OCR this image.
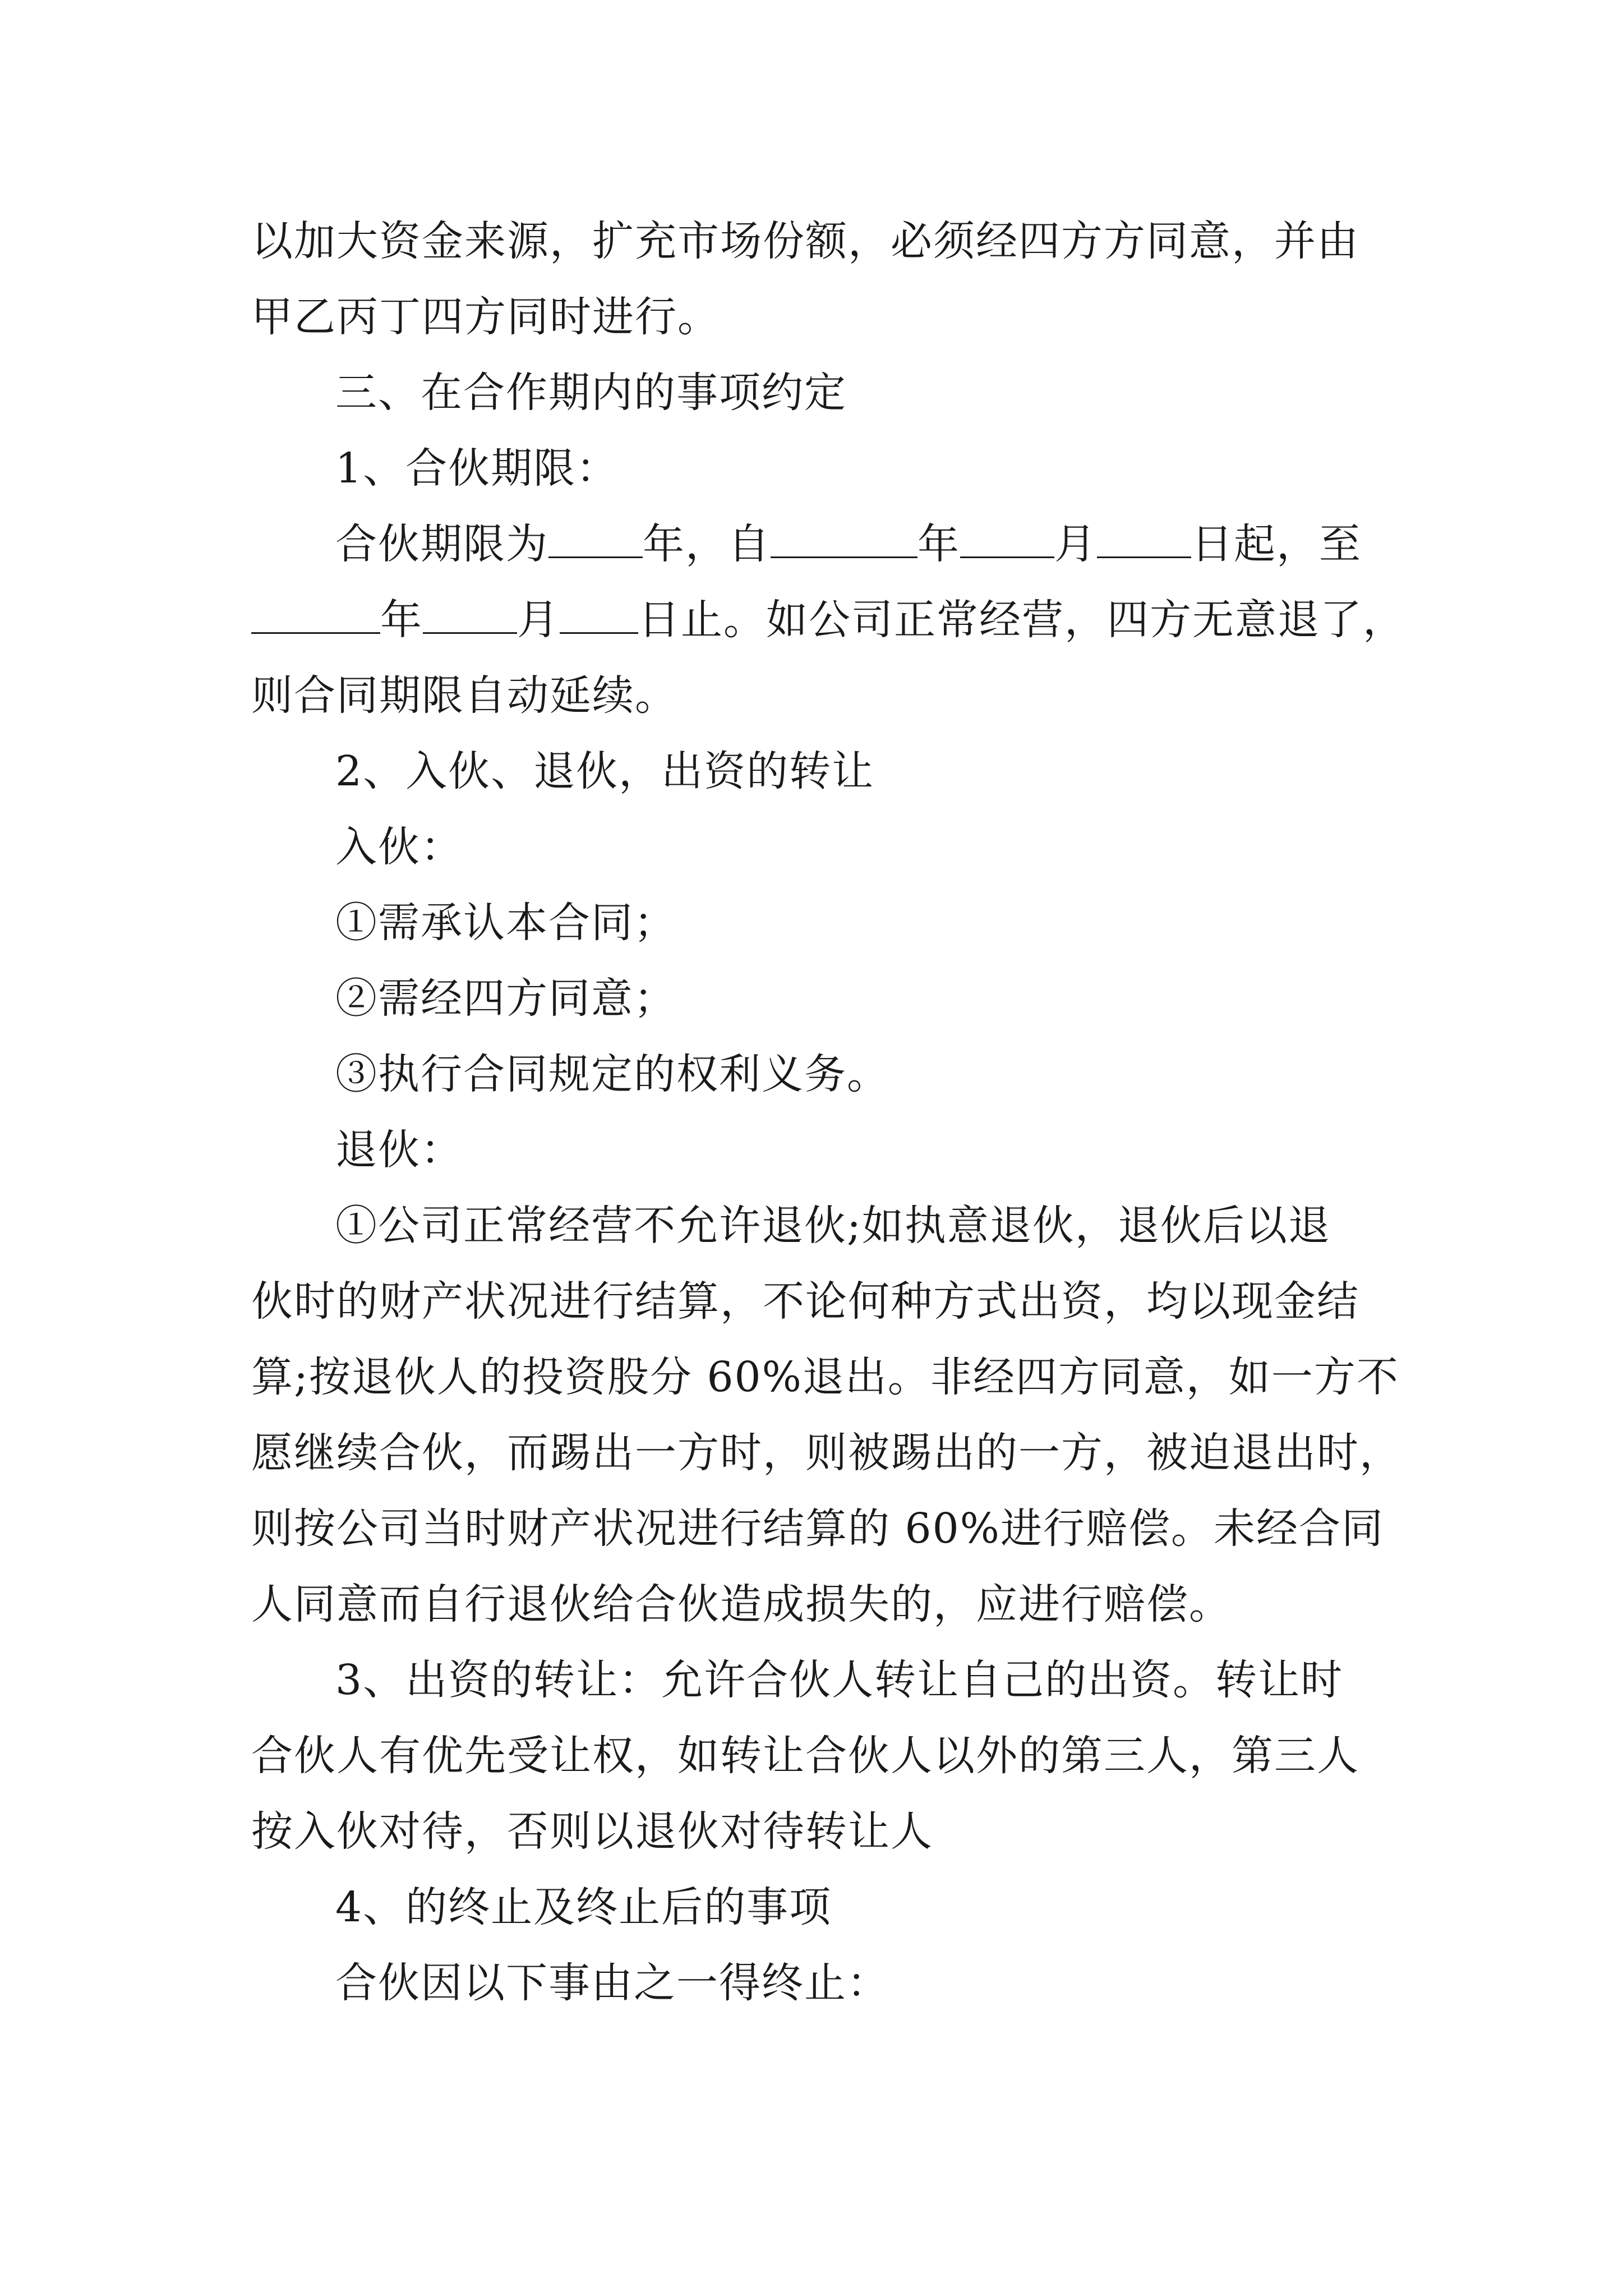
以加大资金来源，扩充市场份额，必须经四方方同意，并由
甲乙丙丁四方同时进行。
三、在合作期内的事项约定
1、合伙期限：
合伙期限为 年，自	年 月 日起，至
年 月 日止。如公司正常经营，四方无意退了，
则合同期限自动延续。
2、入伙、退伙，出资的转让
入伙：
①需承认本合同；
②需经四方同意；
③执行合同规定的权利义务。
退伙：
①公司正常经营不允许退伙;如执意退伙，退伙后以退
伙时的财产状况进行结算，不论何种方式出资，均以现金结
算;按退伙人的投资股分 60%退出。非经四方同意，如一方不
愿继续合伙，而踢出一方时，则被踢出的一方，被迫退出时，
则按公司当时财产状况进行结算的 60%进行赔偿。未经合同
人同意而自行退伙给合伙造成损失的，应进行赔偿。
3、出资的转让：允许合伙人转让自己的出资。转让时
合伙人有优先受让权，如转让合伙人以外的第三人，第三人
按入伙对待，否则以退伙对待转让人
4、的终止及终止后的事项
合伙因以下事由之一得终止：
